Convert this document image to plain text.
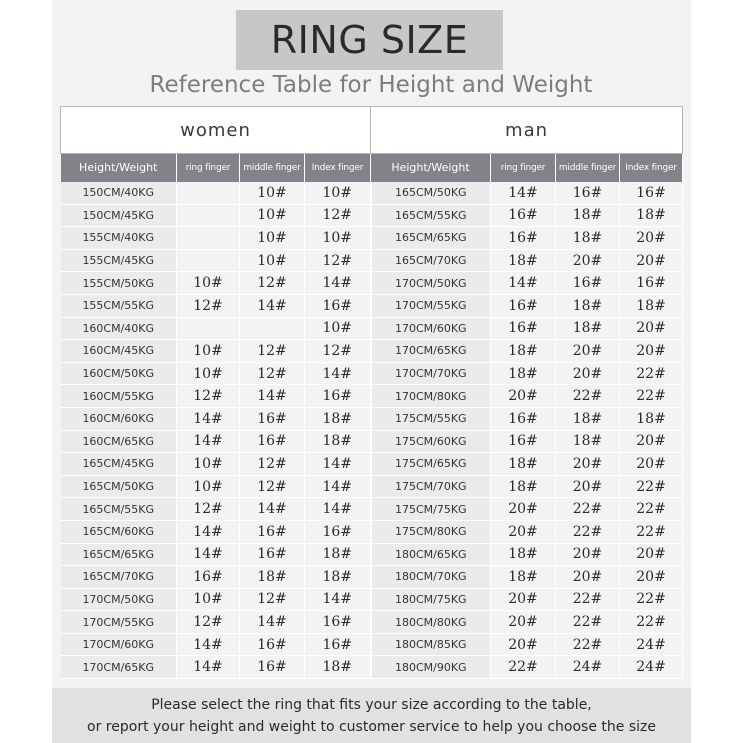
RING SIZE
Reference Table for Height and Weight
women				man			
Height/Weight	ring finger	middle finger	Index finger	Height/Weight	ring finger	middle finger	Index finger
150CM/40KG		10#	10#	165CM/50KG	14#	16#	16#
150CM/45KG		10#	12#	165CM/55KG	16#	18#	18#
155CM/40KG		10#	10#	165CM/65KG	16#	18#	20#
155CM/45KG		10#	12#	165CM/70KG	18#	20#	20#
155CM/50KG	10#	12#	14#	170CM/50KG	14#	16#	16#
155CM/55KG	12#	14#	16#	170CM/55KG	16#	18#	18#
160CM/40KG			10#	170CM/60KG	16#	18#	20#
160CM/45KG	10#	12#	12#	170CM/65KG	18#	20#	20#
160CM/50KG	10#	12#	14#	170CM/70KG	18#	20#	22#
160CM/55KG	12#	14#	16#	170CM/80KG	20#	22#	22#
160CM/60KG	14#	16#	18#	175CM/55KG	16#	18#	18#
160CM/65KG	14#	16#	18#	175CM/60KG	16#	18#	20#
165CM/45KG	10#	12#	14#	175CM/65KG	18#	20#	20#
165CM/50KG	10#	12#	14#	175CM/70KG	18#	20#	22#
165CM/55KG	12#	14#	14#	175CM/75KG	20#	22#	22#
165CM/60KG	14#	16#	16#	175CM/80KG	20#	22#	22#
165CM/65KG	14#	16#	18#	180CM/65KG	18#	20#	20#
165CM/70KG	16#	18#	18#	180CM/70KG	18#	20#	20#
170CM/50KG	10#	12#	14#	180CM/75KG	20#	22#	22#
170CM/55KG	12#	14#	16#	180CM/80KG	20#	22#	22#
170CM/60KG	14#	16#	16#	180CM/85KG	20#	22#	24#
170CM/65KG	14#	16#	18#	180CM/90KG	22#	24#	24#
Please select the ring that fits your size according to the table,
or report your height and weight to customer service to help you choose the size
